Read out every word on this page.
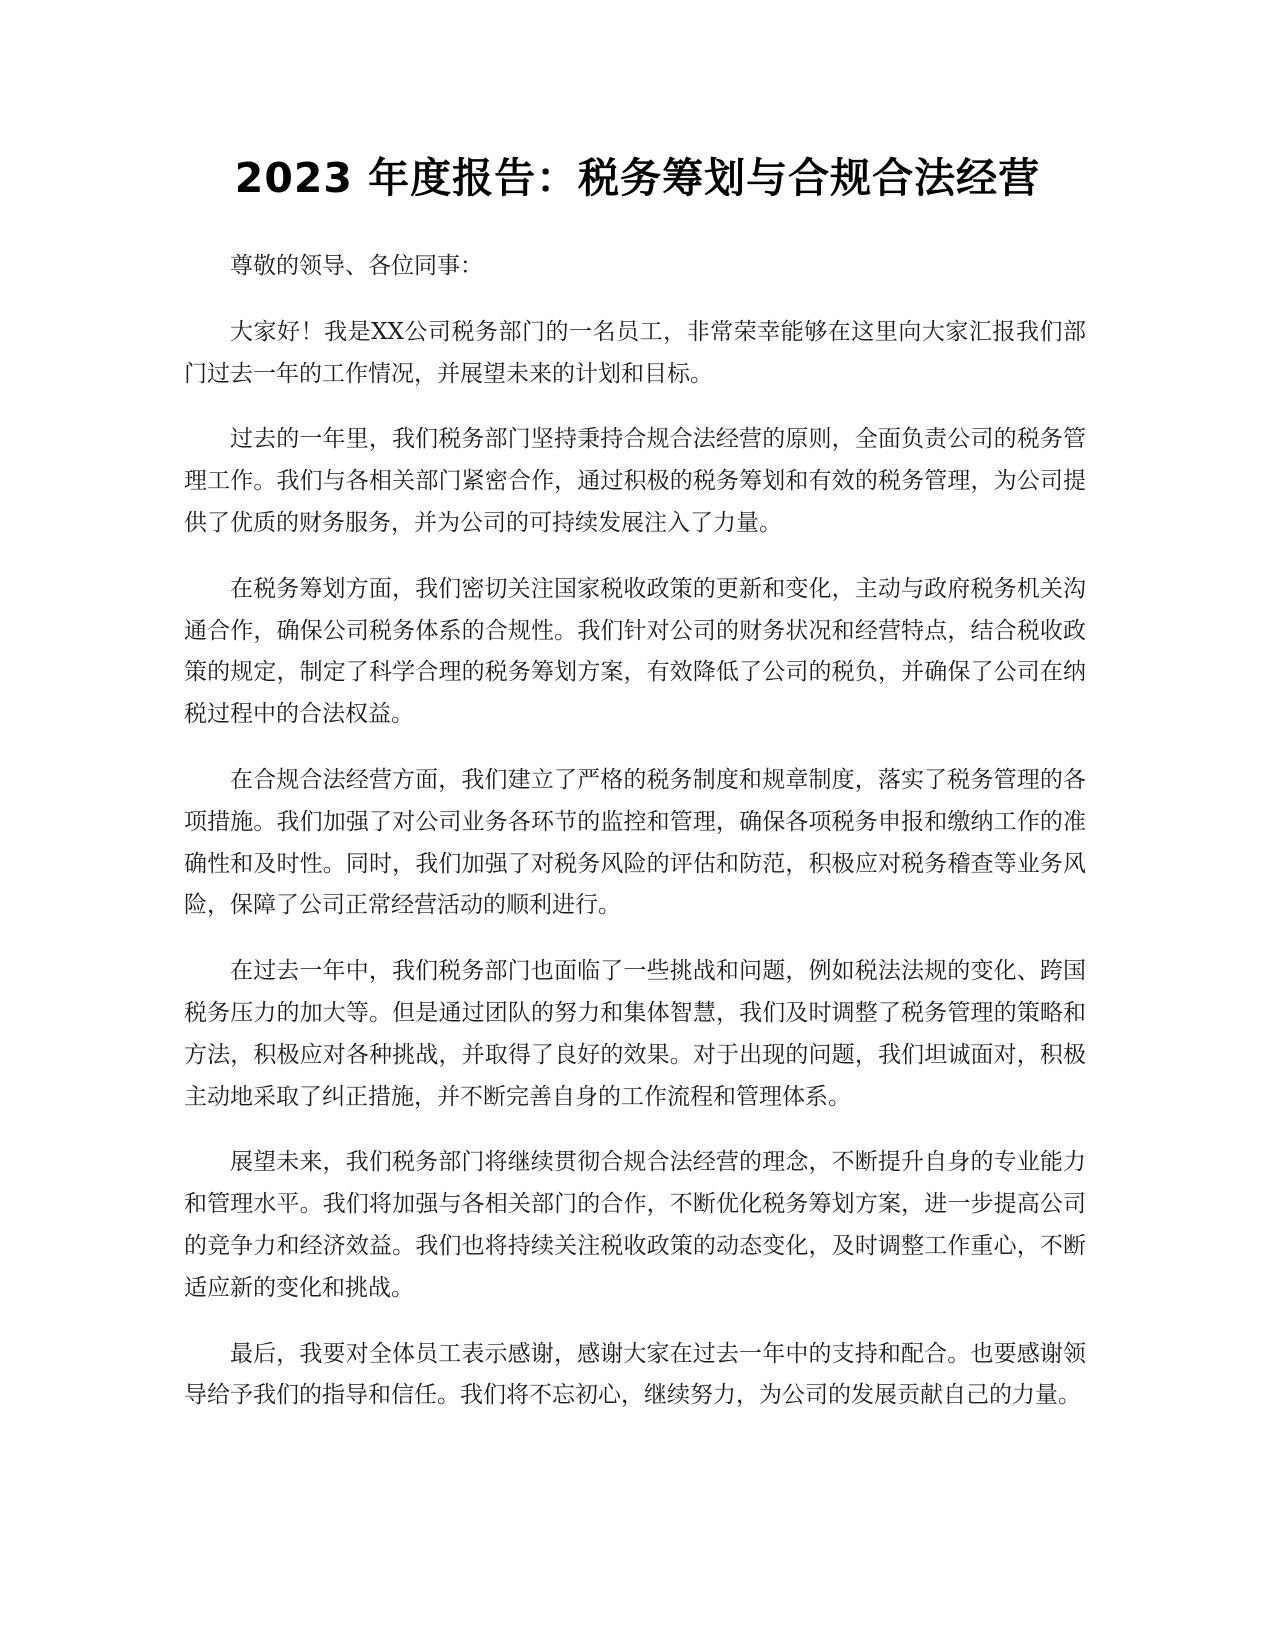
2023 年度报告：税务筹划与合规合法经营

尊敬的领导、各位同事：

大家好！我是XX公司税务部门的一名员工，非常荣幸能够在这里向大家汇报我们部门过去一年的工作情况，并展望未来的计划和目标。

过去的一年里，我们税务部门坚持秉持合规合法经营的原则，全面负责公司的税务管理工作。我们与各相关部门紧密合作，通过积极的税务筹划和有效的税务管理，为公司提供了优质的财务服务，并为公司的可持续发展注入了力量。

在税务筹划方面，我们密切关注国家税收政策的更新和变化，主动与政府税务机关沟通合作，确保公司税务体系的合规性。我们针对公司的财务状况和经营特点，结合税收政策的规定，制定了科学合理的税务筹划方案，有效降低了公司的税负，并确保了公司在纳税过程中的合法权益。

在合规合法经营方面，我们建立了严格的税务制度和规章制度，落实了税务管理的各项措施。我们加强了对公司业务各环节的监控和管理，确保各项税务申报和缴纳工作的准确性和及时性。同时，我们加强了对税务风险的评估和防范，积极应对税务稽查等业务风险，保障了公司正常经营活动的顺利进行。

在过去一年中，我们税务部门也面临了一些挑战和问题，例如税法法规的变化、跨国税务压力的加大等。但是通过团队的努力和集体智慧，我们及时调整了税务管理的策略和方法，积极应对各种挑战，并取得了良好的效果。对于出现的问题，我们坦诚面对，积极主动地采取了纠正措施，并不断完善自身的工作流程和管理体系。

展望未来，我们税务部门将继续贯彻合规合法经营的理念，不断提升自身的专业能力和管理水平。我们将加强与各相关部门的合作，不断优化税务筹划方案，进一步提高公司的竞争力和经济效益。我们也将持续关注税收政策的动态变化，及时调整工作重心，不断适应新的变化和挑战。

最后，我要对全体员工表示感谢，感谢大家在过去一年中的支持和配合。也要感谢领导给予我们的指导和信任。我们将不忘初心，继续努力，为公司的发展贡献自己的力量。
